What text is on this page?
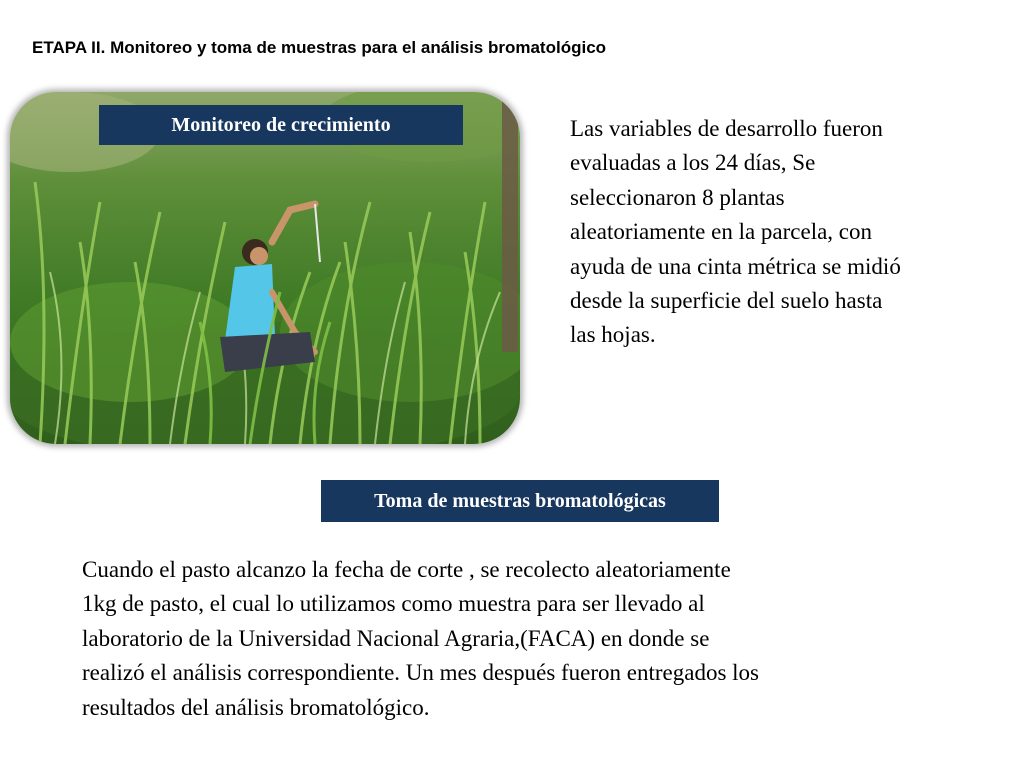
ETAPA II. Monitoreo y toma de muestras para el análisis bromatológico
Monitoreo de crecimiento	Las variables de desarrollo fueron
evaluadas a los 24 días, Se
seleccionaron 8 plantas
aleatoriamente en la parcela, con
ayuda de una cinta métrica se midió
desde la superficie del suelo hasta
las hojas.
Toma de muestras bromatológicas
Cuando el pasto alcanzo la fecha de corte , se recolecto aleatoriamente
1kg de pasto, el cual lo utilizamos como muestra para ser llevado al
laboratorio de la Universidad Nacional Agraria,(FACA) en donde se
realizó el análisis correspondiente. Un mes después fueron entregados los
resultados del análisis bromatológico.
